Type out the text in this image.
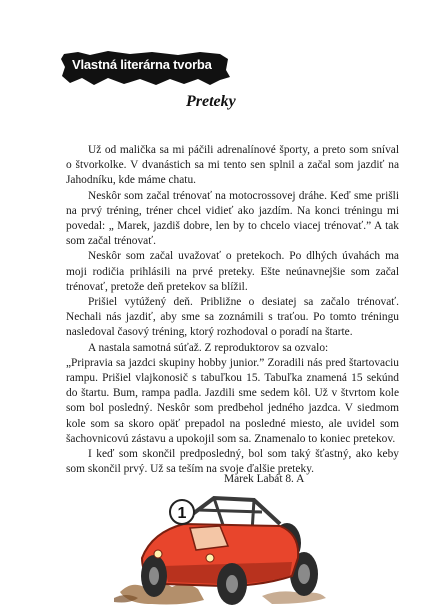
Vlastná literárna tvorba
Preteky

Už od malička sa mi páčili adrenalínové športy, a preto som sníval o štvorkolke. V dvanástich sa mi tento sen splnil a začal som jazdiť na Jahodníku, kde máme chatu.

Neskôr som začal trénovať na motocrossovej dráhe. Keď sme prišli na prvý tréning, tréner chcel vidieť ako jazdím. Na konci tréningu mi povedal: „ Marek, jazdiš dobre, len by to chcelo viacej trénovať.” A tak som začal trénovať.

Neskôr som začal uvažovať o pretekoch. Po dlhých úvahách ma moji rodičia prihlásili na prvé preteky. Ešte neúnavnejšie som začal trénovať, pretože deň pretekov sa blížil.

Prišiel vytúžený deň. Približne o desiatej sa začalo trénovať. Nechali nás jazdiť, aby sme sa zoznámili s traťou. Po tomto tréningu nasledoval časový tréning, ktorý rozhodoval o poradí na štarte.

A nastala samotná súťaž. Z reproduktorov sa ozvalo:

„Pripravia sa jazdci skupiny hobby junior.” Zoradili nás pred štartovaciu rampu. Prišiel vlajkonosič s tabuľkou 15. Tabuľka znamená 15 sekúnd do štartu. Bum, rampa padla. Jazdili sme sedem kôl. Už v štvrtom kole som bol posledný. Neskôr som predbehol jedného jazdca. V siedmom kole som sa skoro opäť prepadol na posledné miesto, ale uvidel som šachovnicovú zástavu a upokojil som sa. Znamenalo to koniec pretekov.

I keď som skončil predposledný, bol som taký šťastný, ako keby som skončil prvý. Už sa teším na svoje ďalšie preteky.

Marek Labát 8. A
1
